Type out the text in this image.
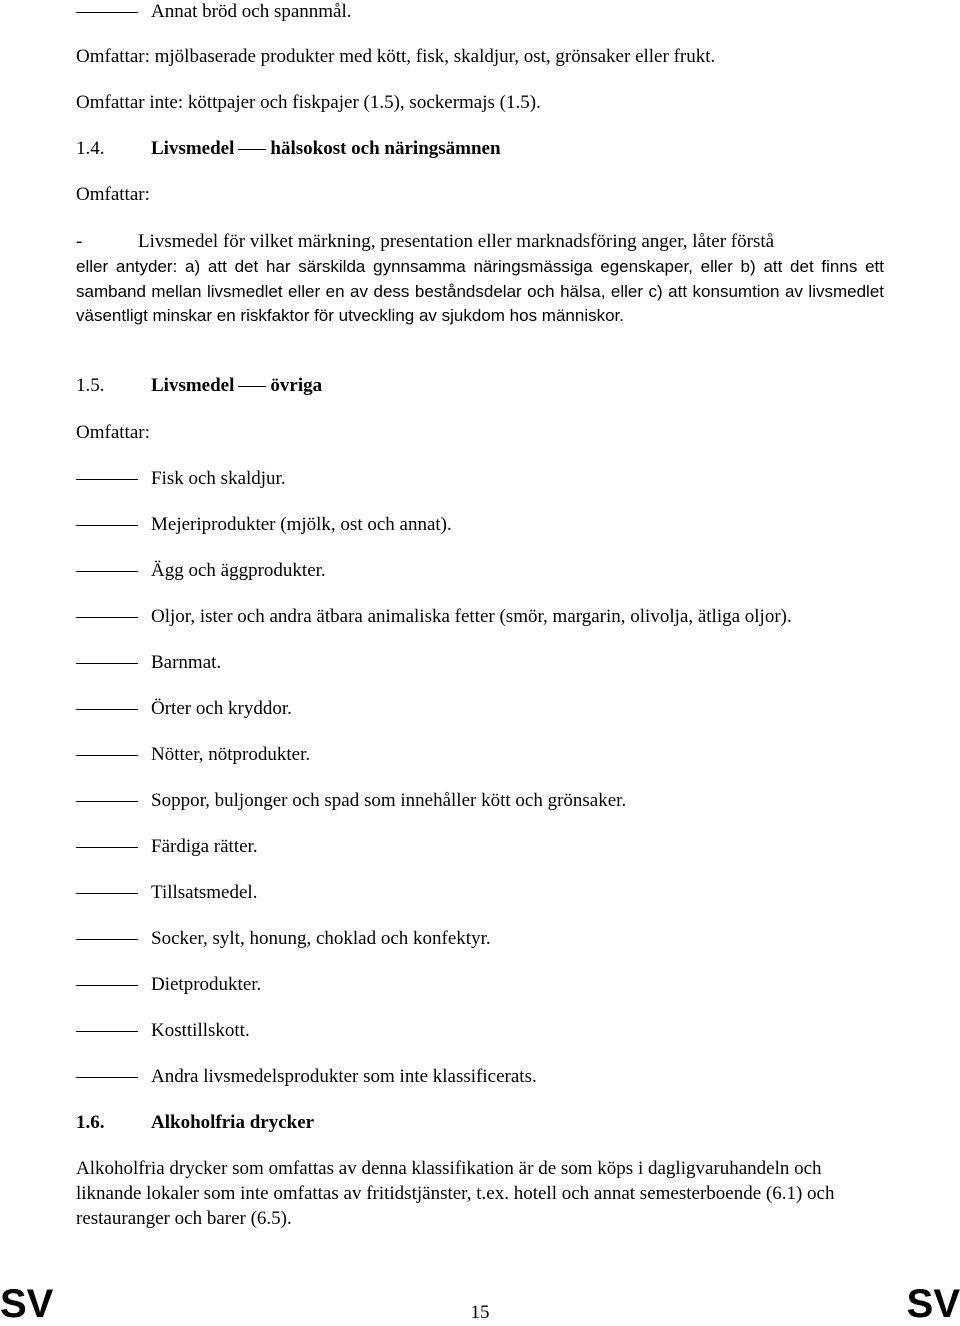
Annat bröd och spannmål.
Omfattar: mjölbaserade produkter med kött, fisk, skaldjur, ost, grönsaker eller frukt.
Omfattar inte: köttpajer och fiskpajer (1.5), sockermajs (1.5).
1.4. Livsmedel hälsokost och näringsämnen
Omfattar:
-	Livsmedel för vilket märkning, presentation eller marknadsföring anger, låter förstå
eller antyder: a) att det har särskilda gynnsamma näringsmässiga egenskaper, eller b) att det finns ett samband mellan livsmedlet eller en av dess beståndsdelar och hälsa, eller c) att konsumtion av livsmedlet väsentligt minskar en riskfaktor för utveckling av sjukdom hos människor.
1.5. Livsmedel övriga
Omfattar:
Fisk och skaldjur.
Mejeriprodukter (mjölk, ost och annat).
Ägg och äggprodukter.
Oljor, ister och andra ätbara animaliska fetter (smör, margarin, olivolja, ätliga oljor).
Barnmat.
Örter och kryddor.
Nötter, nötprodukter.
Soppor, buljonger och spad som innehåller kött och grönsaker.
Färdiga rätter.
Tillsatsmedel.
Socker, sylt, honung, choklad och konfektyr.
Dietprodukter.
Kosttillskott.
Andra livsmedelsprodukter som inte klassificerats.
1.6. Alkoholfria drycker
Alkoholfria drycker som omfattas av denna klassifikation är de som köps i dagligvaruhandeln och liknande lokaler som inte omfattas av fritidstjänster, t.ex. hotell och annat semesterboende (6.1) och restauranger och barer (6.5).
SV	15	SV
